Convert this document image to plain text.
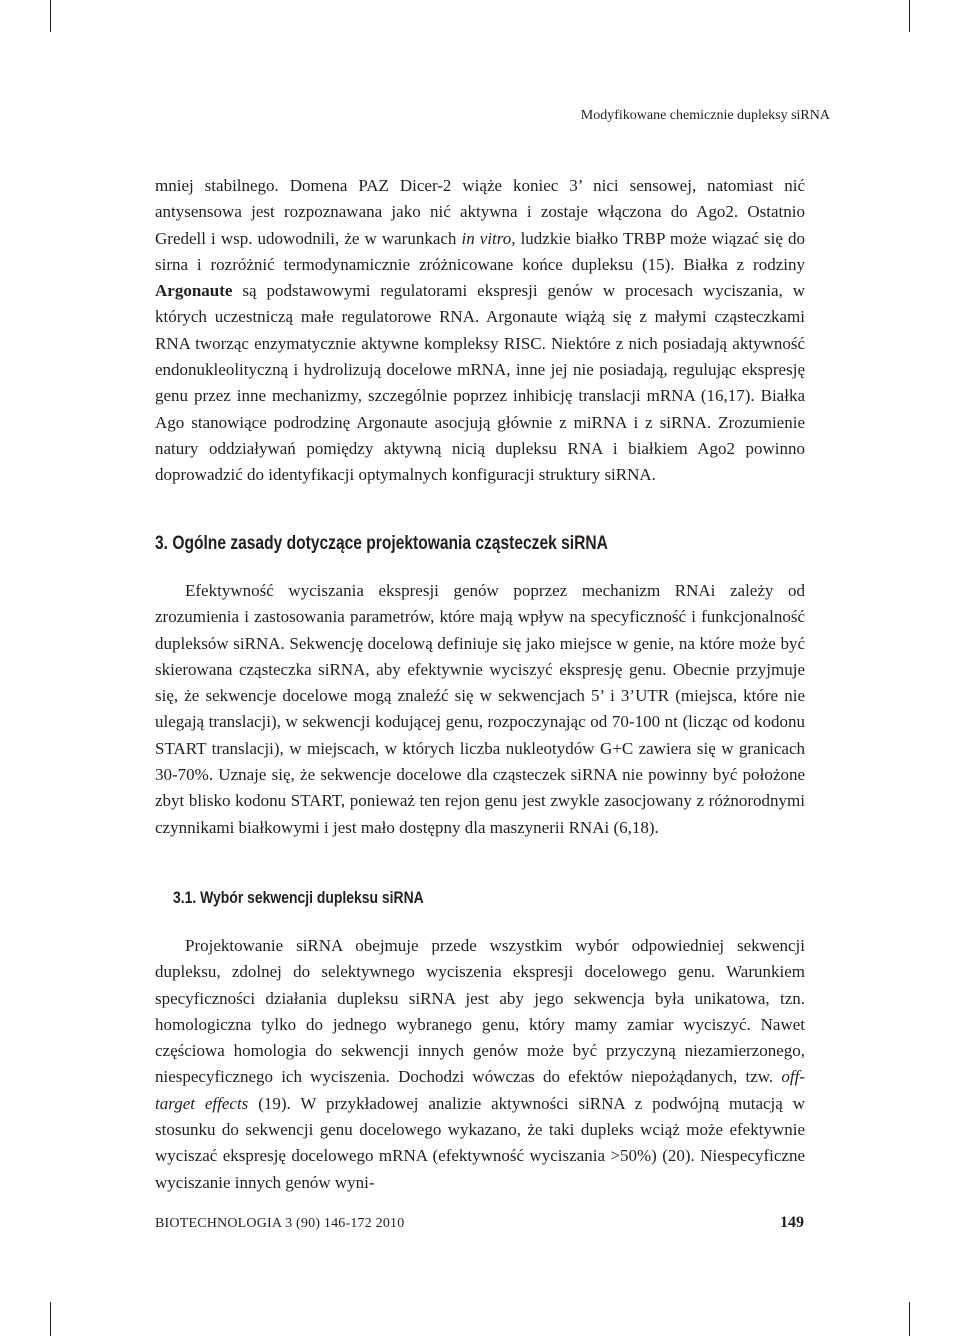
Modyfikowane chemicznie dupleksy siRNA

mniej stabilnego. Domena PAZ Dicer-2 wiąże koniec 3’ nici sensowej, natomiast nić antysensowa jest rozpoznawana jako nić aktywna i zostaje włączona do Ago2. Ostatnio Gredell i wsp. udowodnili, że w warunkach in vitro, ludzkie białko TRBP może wiązać się do sirna i rozróżnić termodynamicznie zróżnicowane końce dupleksu (15). Białka z rodziny Argonaute są podstawowymi regulatorami ekspresji genów w procesach wyciszania, w których uczestniczą małe regulatorowe RNA. Argonaute wiążą się z małymi cząsteczkami RNA tworząc enzymatycznie aktywne kompleksy RISC. Niektóre z nich posiadają aktywność endonukleolityczną i hydrolizują docelowe mRNA, inne jej nie posiadają, regulując ekspresję genu przez inne mechanizmy, szczególnie poprzez inhibicję translacji mRNA (16,17). Białka Ago stanowiące podrodzinę Argonaute asocjują głównie z miRNA i z siRNA. Zrozumienie natury oddziaływań pomiędzy aktywną nicią dupleksu RNA i białkiem Ago2 powinno doprowadzić do identyfikacji optymalnych konfiguracji struktury siRNA.

3. Ogólne zasady dotyczące projektowania cząsteczek siRNA

Efektywność wyciszania ekspresji genów poprzez mechanizm RNAi zależy od zrozumienia i zastosowania parametrów, które mają wpływ na specyficzność i funkcjonalność dupleksów siRNA. Sekwencję docelową definiuje się jako miejsce w genie, na które może być skierowana cząsteczka siRNA, aby efektywnie wyciszyć ekspresję genu. Obecnie przyjmuje się, że sekwencje docelowe mogą znaleźć się w sekwencjach 5’ i 3’UTR (miejsca, które nie ulegają translacji), w sekwencji kodującej genu, rozpoczynając od 70-100 nt (licząc od kodonu START translacji), w miejscach, w których liczba nukleotydów G+C zawiera się w granicach 30-70%. Uznaje się, że sekwencje docelowe dla cząsteczek siRNA nie powinny być położone zbyt blisko kodonu START, ponieważ ten rejon genu jest zwykle zasocjowany z różnorodnymi czynnikami białkowymi i jest mało dostępny dla maszynerii RNAi (6,18).

3.1. Wybór sekwencji dupleksu siRNA

Projektowanie siRNA obejmuje przede wszystkim wybór odpowiedniej sekwencji dupleksu, zdolnej do selektywnego wyciszenia ekspresji docelowego genu. Warunkiem specyficzności działania dupleksu siRNA jest aby jego sekwencja była unikatowa, tzn. homologiczna tylko do jednego wybranego genu, który mamy zamiar wyciszyć. Nawet częściowa homologia do sekwencji innych genów może być przyczyną niezamierzonego, niespecyficznego ich wyciszenia. Dochodzi wówczas do efektów niepożądanych, tzw. off-target effects (19). W przykładowej analizie aktywności siRNA z podwójną mutacją w stosunku do sekwencji genu docelowego wykazano, że taki dupleks wciąż może efektywnie wyciszać ekspresję docelowego mRNA (efektywność wyciszania >50%) (20). Niespecyficzne wyciszanie innych genów wyni-

BIOTECHNOLOGIA 3 (90) 146-172 2010	149
